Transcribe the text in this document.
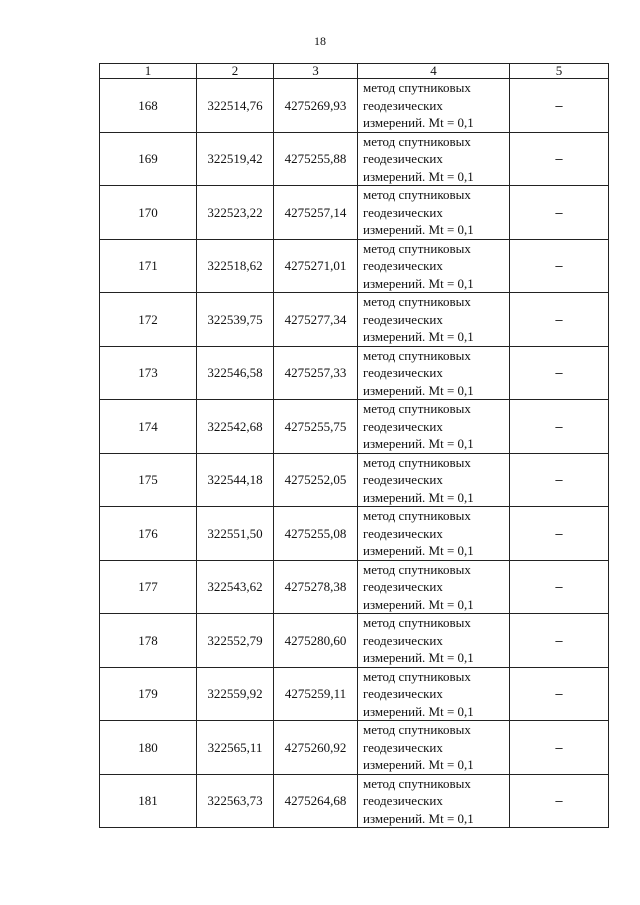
18
1	2	3	4	5
168	322514,76	4275269,93	метод спутниковых
геодезических
измерений. Mt = 0,1	–
169	322519,42	4275255,88	метод спутниковых
геодезических
измерений. Mt = 0,1	–
170	322523,22	4275257,14	метод спутниковых
геодезических
измерений. Mt = 0,1	–
171	322518,62	4275271,01	метод спутниковых
геодезических
измерений. Mt = 0,1	–
172	322539,75	4275277,34	метод спутниковых
геодезических
измерений. Mt = 0,1	–
173	322546,58	4275257,33	метод спутниковых
геодезических
измерений. Mt = 0,1	–
174	322542,68	4275255,75	метод спутниковых
геодезических
измерений. Mt = 0,1	–
175	322544,18	4275252,05	метод спутниковых
геодезических
измерений. Mt = 0,1	–
176	322551,50	4275255,08	метод спутниковых
геодезических
измерений. Mt = 0,1	–
177	322543,62	4275278,38	метод спутниковых
геодезических
измерений. Mt = 0,1	–
178	322552,79	4275280,60	метод спутниковых
геодезических
измерений. Mt = 0,1	–
179	322559,92	4275259,11	метод спутниковых
геодезических
измерений. Mt = 0,1	–
180	322565,11	4275260,92	метод спутниковых
геодезических
измерений. Mt = 0,1	–
181	322563,73	4275264,68	метод спутниковых
геодезических
измерений. Mt = 0,1	–
